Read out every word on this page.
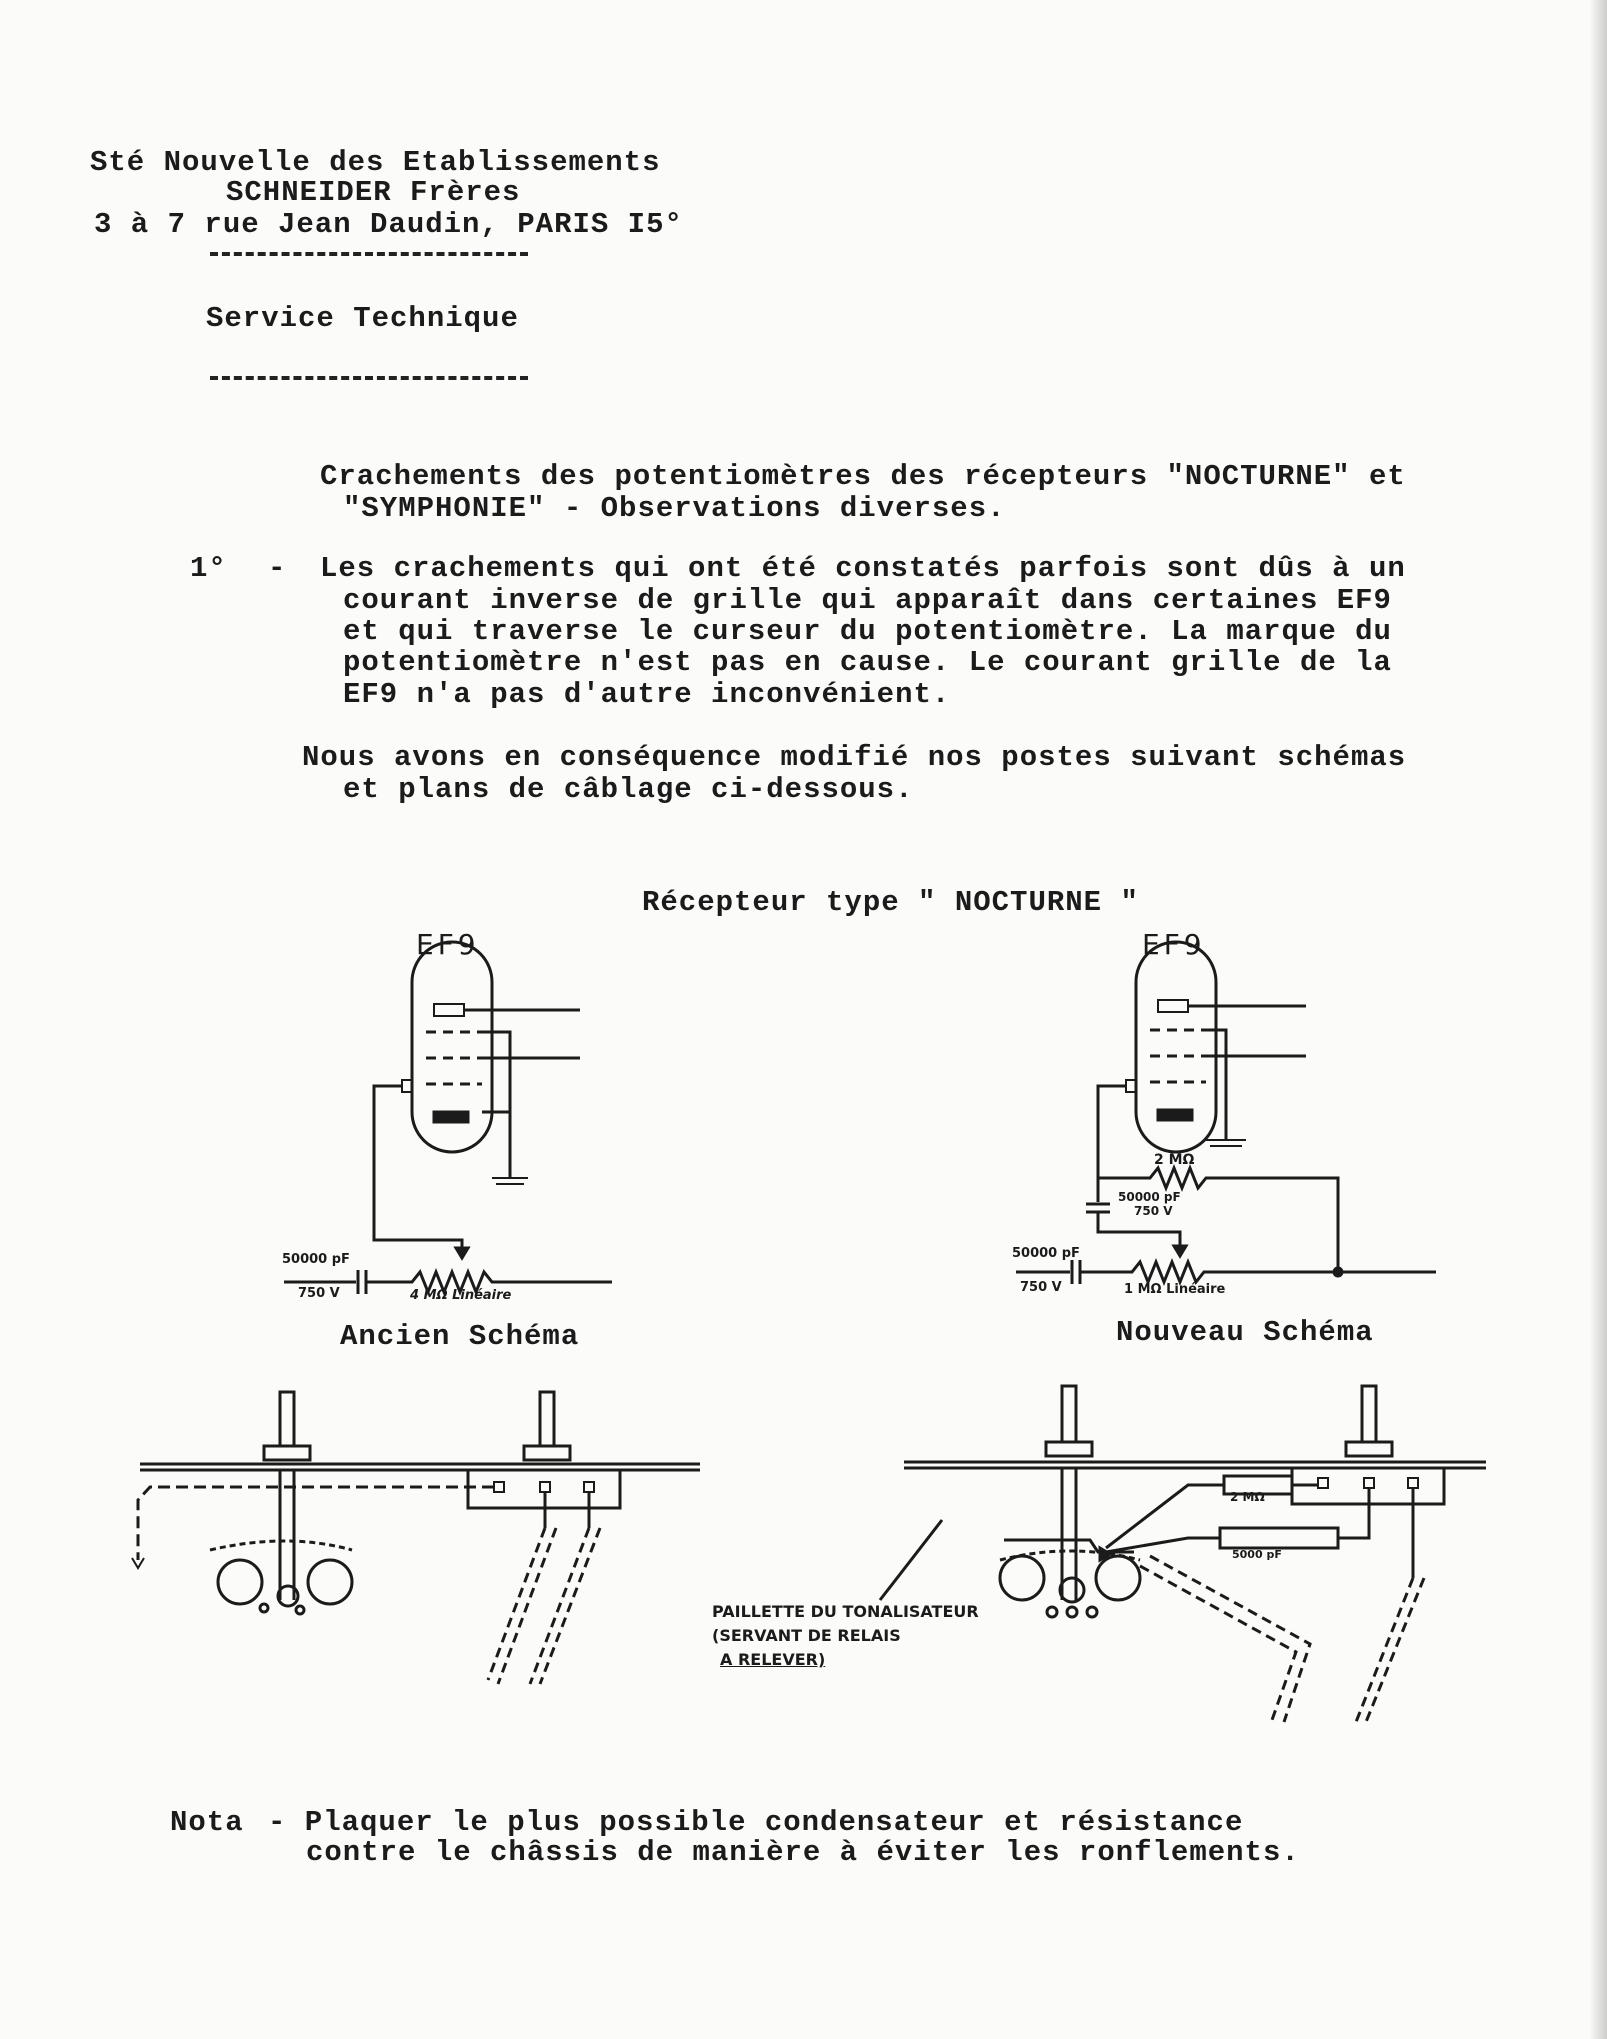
Sté Nouvelle des Etablissements
SCHNEIDER Frères
3 à 7 rue Jean Daudin, PARIS I5°
Service Technique
Crachements des potentiomètres des récepteurs "NOCTURNE" et
"SYMPHONIE" - Observations diverses.
1° - Les crachements qui ont été constatés parfois sont dûs à un
courant inverse de grille qui apparaît dans certaines EF9
et qui traverse le curseur du potentiomètre. La marque du
potentiomètre n'est pas en cause. Le courant grille de la
EF9 n'a pas d'autre inconvénient.
Nous avons en conséquence modifié nos postes suivant schémas
et plans de câblage ci-dessous.
Récepteur type " NOCTURNE "
EF9
50000 pF
750 V	4 MΩ Linéaire
Ancien Schéma
EF9
2 MΩ
50000 pF
750 V
50000 pF
750 V	1 MΩ Linéaire
Nouveau Schéma
2 MΩ
5000 pF
PAILLETTE DU TONALISATEUR
(SERVANT DE RELAIS
A RELEVER)
Nota - Plaquer le plus possible condensateur et résistance
contre le châssis de manière à éviter les ronflements.
